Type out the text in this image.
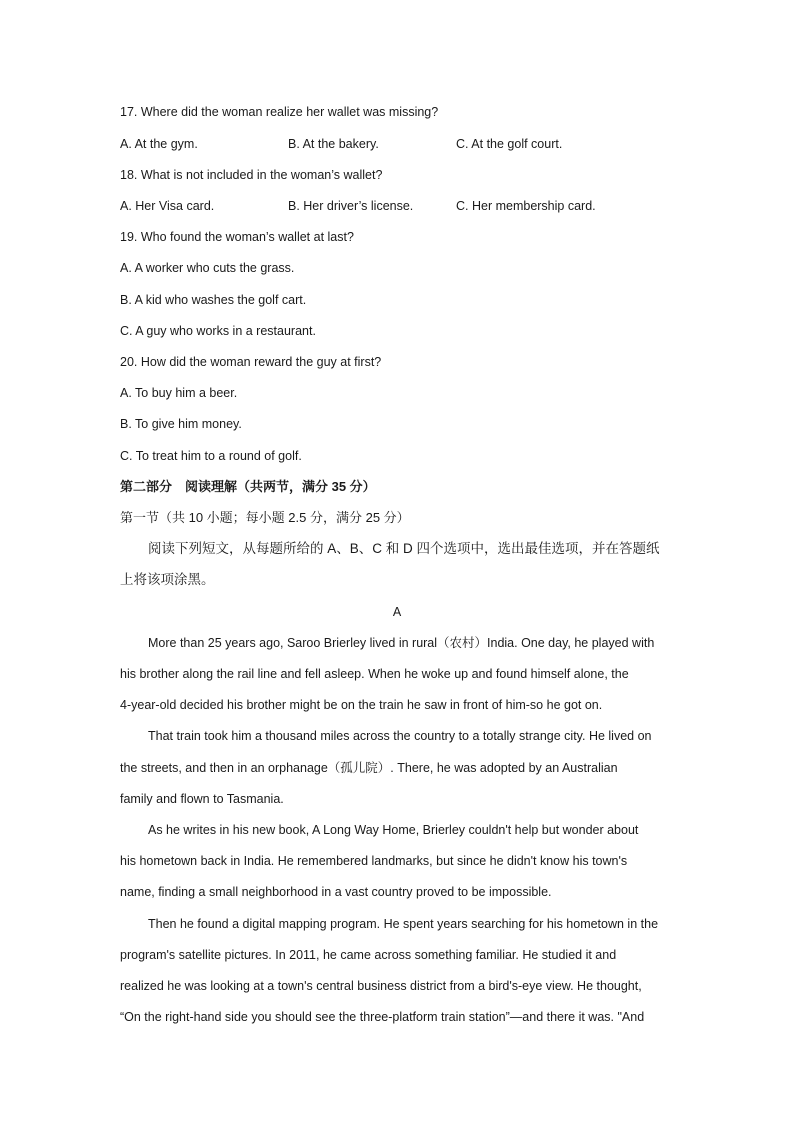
17. Where did the woman realize her wallet was missing?
A. At the gym.	B. At the bakery.	C. At the golf court.
18. What is not included in the woman’s wallet?
A. Her Visa card.	B. Her driver’s license.	C. Her membership card.
19. Who found the woman’s wallet at last?
A. A worker who cuts the grass.
B. A kid who washes the golf cart.
C. A guy who works in a restaurant.
20. How did the woman reward the guy at first?
A. To buy him a beer.
B. To give him money.
C. To treat him to a round of golf.
第二部分　阅读理解（共两节，满分 35 分）
第一节（共 10 小题；每小题 2.5 分，满分 25 分）
阅读下列短文，从每题所给的 A、B、C 和 D 四个选项中，选出最佳选项，并在答题纸
上将该项涂黑。
A
More than 25 years ago, Saroo Brierley lived in rural（农村）India. One day, he played with
his brother along the rail line and fell asleep. When he woke up and found himself alone, the
4-year-old decided his brother might be on the train he saw in front of him-so he got on.
That train took him a thousand miles across the country to a totally strange city. He lived on
the streets, and then in an orphanage（孤儿院）. There, he was adopted by an Australian
family and flown to Tasmania.
As he writes in his new book, A Long Way Home, Brierley couldn't help but wonder about
his hometown back in India. He remembered landmarks, but since he didn't know his town's
name, finding a small neighborhood in a vast country proved to be impossible.
Then he found a digital mapping program. He spent years searching for his hometown in the
program's satellite pictures. In 2011, he came across something familiar. He studied it and
realized he was looking at a town's central business district from a bird's-eye view. He thought,
“On the right-hand side you should see the three-platform train station”—and there it was. "And
